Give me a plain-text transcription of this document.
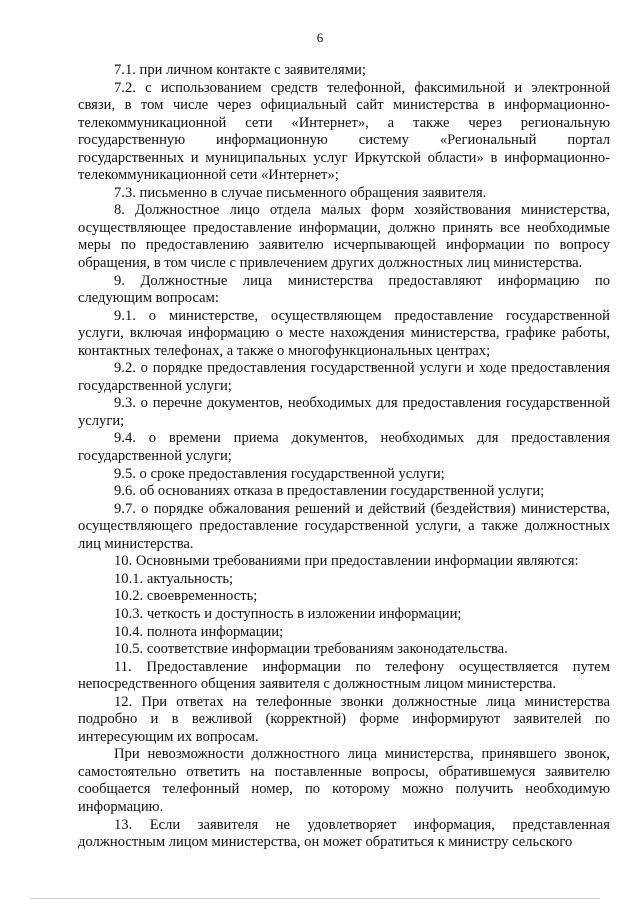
6

7.1. при личном контакте с заявителями;

7.2. с использованием средств телефонной, факсимильной и электронной связи, в том числе через официальный сайт министерства в информационно-телекоммуникационной сети «Интернет», а также через региональную государственную информационную систему «Региональный портал государственных и муниципальных услуг Иркутской области» в информационно-телекоммуникационной сети «Интернет»;

7.3. письменно в случае письменного обращения заявителя.

8. Должностное лицо отдела малых форм хозяйствования министерства, осуществляющее предоставление информации, должно принять все необходимые меры по предоставлению заявителю исчерпывающей информации по вопросу обращения, в том числе с привлечением других должностных лиц министерства.

9. Должностные лица министерства предоставляют информацию по следующим вопросам:

9.1. о министерстве, осуществляющем предоставление государственной услуги, включая информацию о месте нахождения министерства, графике работы, контактных телефонах, а также о многофункциональных центрах;

9.2. о порядке предоставления государственной услуги и ходе предоставления государственной услуги;

9.3. о перечне документов, необходимых для предоставления государственной услуги;

9.4. о времени приема документов, необходимых для предоставления государственной услуги;

9.5. о сроке предоставления государственной услуги;

9.6. об основаниях отказа в предоставлении государственной услуги;

9.7. о порядке обжалования решений и действий (бездействия) министерства, осуществляющего предоставление государственной услуги, а также должностных лиц министерства.

10. Основными требованиями при предоставлении информации являются:

10.1. актуальность;

10.2. своевременность;

10.3. четкость и доступность в изложении информации;

10.4. полнота информации;

10.5. соответствие информации требованиям законодательства.

11. Предоставление информации по телефону осуществляется путем непосредственного общения заявителя с должностным лицом министерства.

12. При ответах на телефонные звонки должностные лица министерства подробно и в вежливой (корректной) форме информируют заявителей по интересующим их вопросам.

При невозможности должностного лица министерства, принявшего звонок, самостоятельно ответить на поставленные вопросы, обратившемуся заявителю сообщается телефонный номер, по которому можно получить необходимую информацию.

13. Если заявителя не удовлетворяет информация, представленная должностным лицом министерства, он может обратиться к министру сельского
